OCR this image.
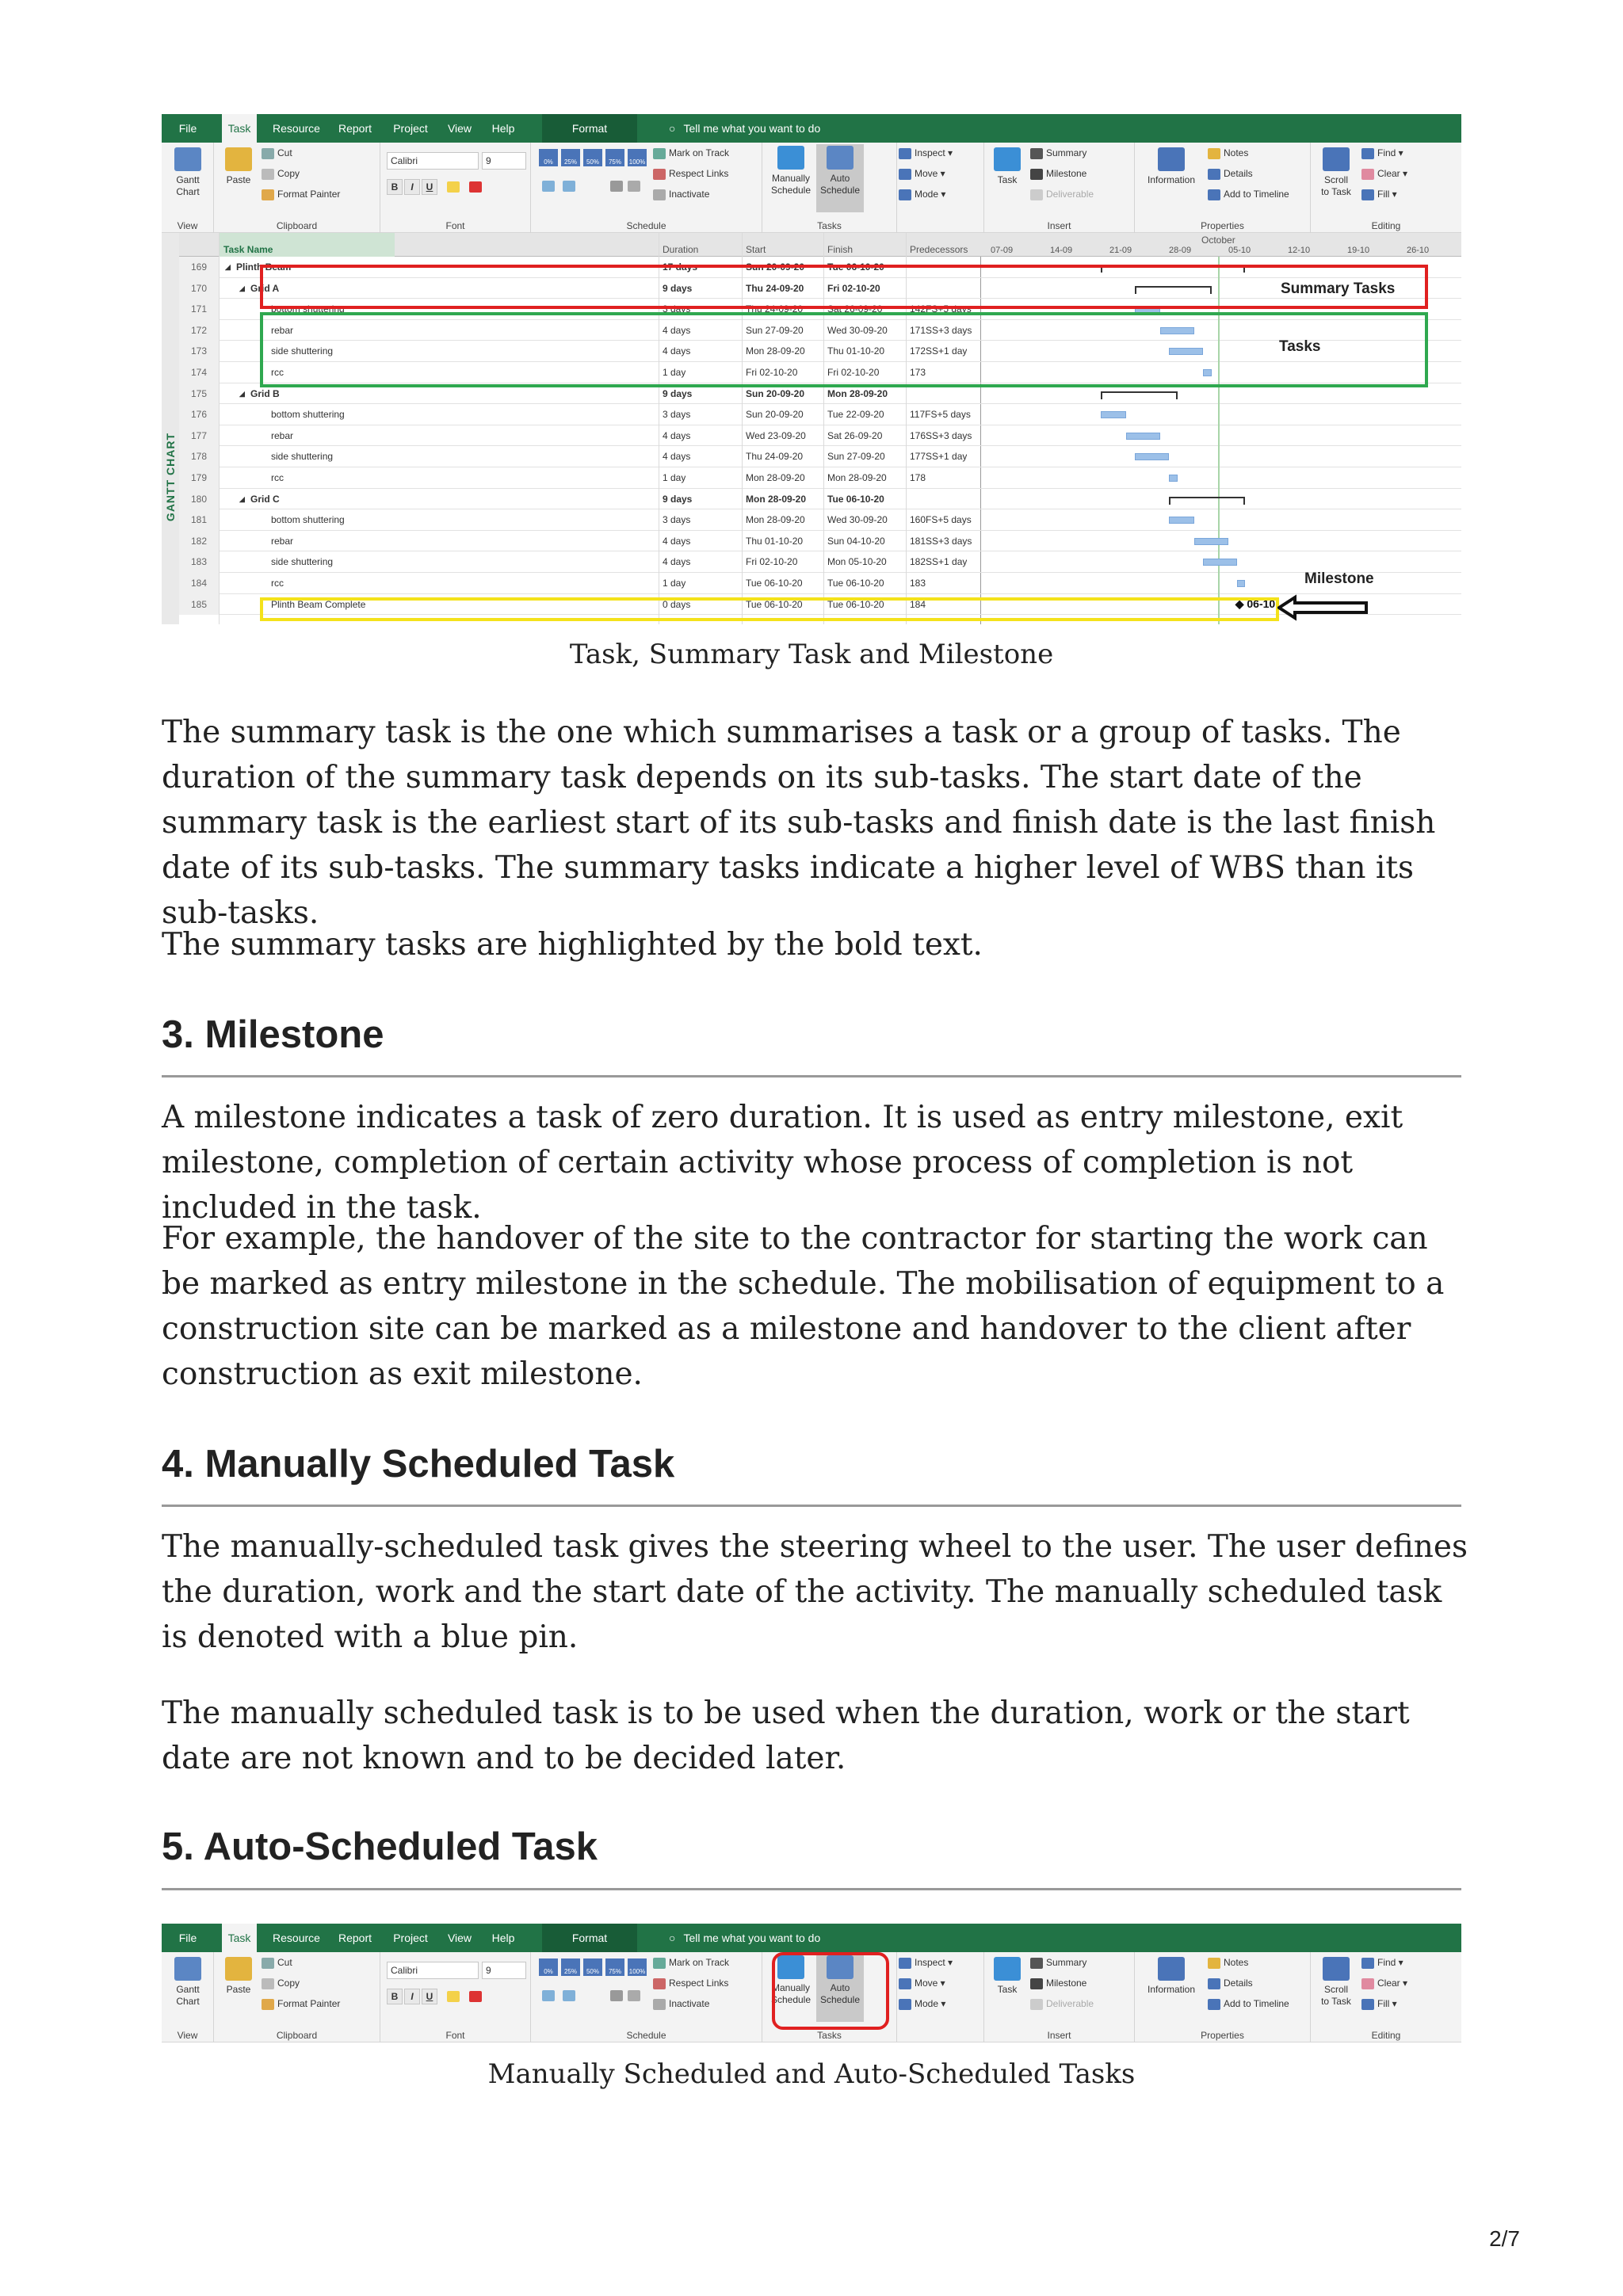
File	Task	Resource	Report	Project	View	Help	Format	○ Tell me what you want to do
Gantt
Chart
View
Paste
Cut
Copy
Format Painter
Clipboard
Calibri	9
B	I	U
Font
0%	25%	50%	75%	100%
Mark on Track
Respect Links
Inactivate
Schedule
Manually
Schedule
Auto
Schedule
Tasks
Inspect ▾
Move ▾
Mode ▾
Task
Summary
Milestone
Deliverable
Insert
Information
Notes
Details
Add to Timeline
Properties
Scroll
to Task
Find ▾
Clear ▾
Fill ▾
Editing
GANTT CHART
Task Name	Duration	Start	Finish	Predecessors
October
07-09	14-09	21-09	28-09	05-10	12-10	19-10	26-10
169	◢ Plinth Beam	17 days	Sun 20-09-20 Tue 06-10-20
170	◢ Grid A	9 days	Thu 24-09-20 Fri 02-10-20
171	bottom shuttering	3 days	Thu 24-09-20	Sat 26-09-20	142FS+5 days
172	rebar	4 days	Sun 27-09-20	Wed 30-09-20 171SS+3 days
173	side shuttering	4 days	Mon 28-09-20 Thu 01-10-20	172SS+1 day
174	rcc	1 day	Fri 02-10-20	Fri 02-10-20	173
175	◢ Grid B	9 days	Sun 20-09-20 Mon 28-09-20
176	bottom shuttering	3 days	Sun 20-09-20	Tue 22-09-20	117FS+5 days
177	rebar	4 days	Wed 23-09-20 Sat 26-09-20	176SS+3 days
178	side shuttering	4 days	Thu 24-09-20	Sun 27-09-20	177SS+1 day
179	rcc	1 day	Mon 28-09-20 Mon 28-09-20 178
180	◢ Grid C	9 days	Mon 28-09-20 Tue 06-10-20
181	bottom shuttering	3 days	Mon 28-09-20 Wed 30-09-20 160FS+5 days
182	rebar	4 days	Thu 01-10-20	Sun 04-10-20	181SS+3 days
183	side shuttering	4 days	Fri 02-10-20	Mon 05-10-20 182SS+1 day
184	rcc	1 day	Tue 06-10-20	Tue 06-10-20	183
185	Plinth Beam Complete	0 days	Tue 06-10-20	Tue 06-10-20	184	◆ 06-10
Summary Tasks
Tasks
Milestone
Task, Summary Task and Milestone
The summary task is the one which summarises a task or a group of tasks. The duration of the summary task depends on its sub-tasks. The start date of the summary task is the earliest start of its sub-tasks and finish date is the last finish date of its sub-tasks. The summary tasks indicate a higher level of WBS than its sub-tasks.
The summary tasks are highlighted by the bold text.
3. Milestone
A milestone indicates a task of zero duration. It is used as entry milestone, exit milestone, completion of certain activity whose process of completion is not included in the task.
For example, the handover of the site to the contractor for starting the work can be marked as entry milestone in the schedule. The mobilisation of equipment to a construction site can be marked as a milestone and handover to the client after construction as exit milestone.
4. Manually Scheduled Task
The manually-scheduled task gives the steering wheel to the user. The user defines the duration, work and the start date of the activity. The manually scheduled task is denoted with a blue pin.
The manually scheduled task is to be used when the duration, work or the start date are not known and to be decided later.
5. Auto-Scheduled Task
File	Task	Resource	Report	Project	View	Help	Format	○ Tell me what you want to do
Gantt
Chart
View
Paste
Cut
Copy
Format Painter
Clipboard
Calibri	9
B	I	U
Font
0%	25%	50%	75%	100%
Mark on Track
Respect Links
Inactivate
Schedule
Manually
Schedule
Auto
Schedule
Tasks
Inspect ▾
Move ▾
Mode ▾
Task
Summary
Milestone
Deliverable
Insert
Information
Notes
Details
Add to Timeline
Properties
Scroll
to Task
Find ▾
Clear ▾
Fill ▾
Editing
Manually Scheduled and Auto-Scheduled Tasks
2/7
